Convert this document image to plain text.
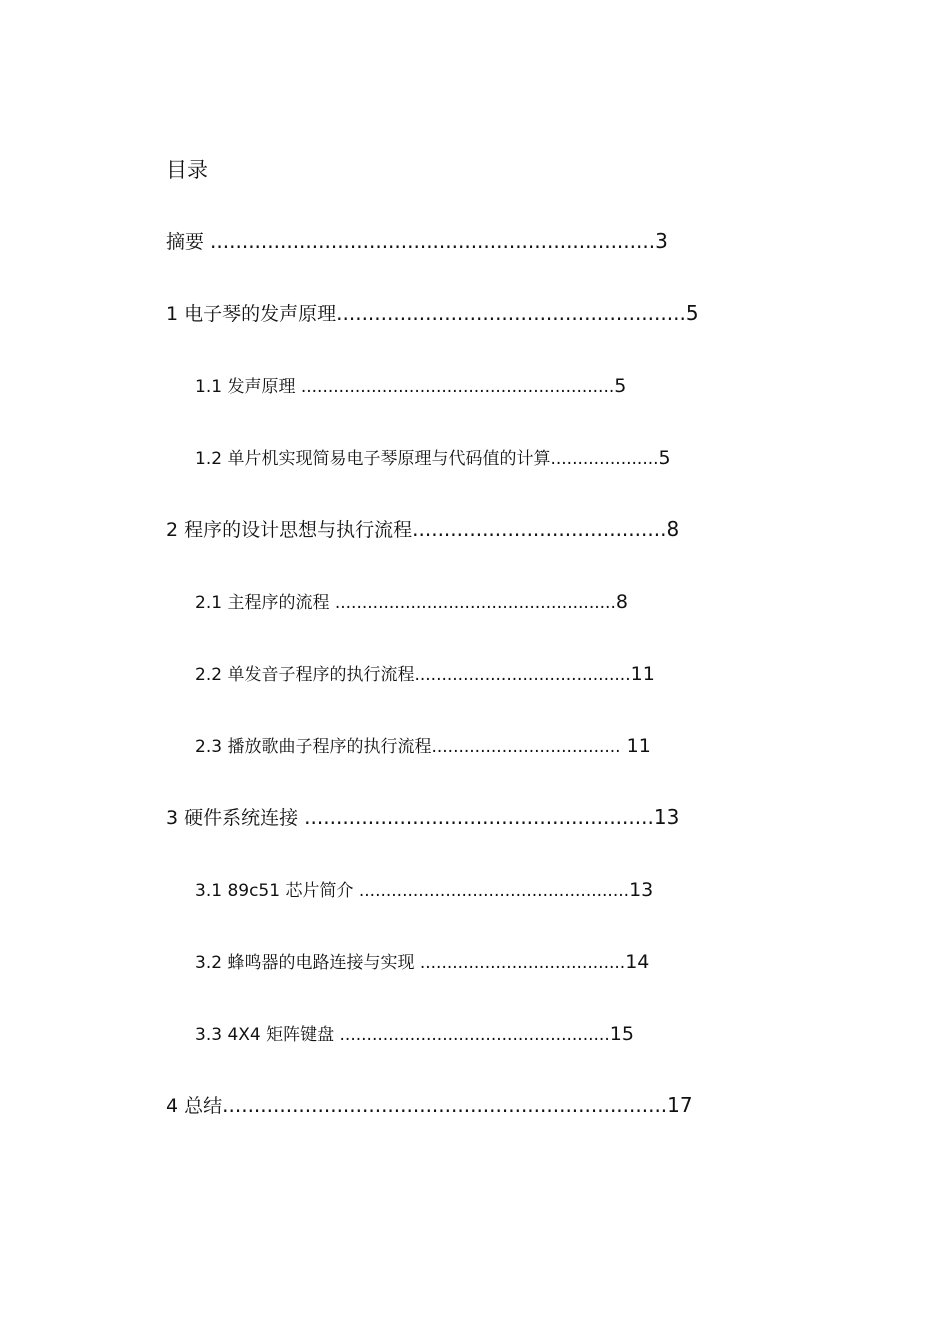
目录
摘要 ......................................................................3
1 电子琴的发声原理.......................................................5
1.1 发声原理 ..........................................................5
1.2 单片机实现简易电子琴原理与代码值的计算....................5
2 程序的设计思想与执行流程........................................8
2.1 主程序的流程 ....................................................8
2.2 单发音子程序的执行流程........................................11
2.3 播放歌曲子程序的执行流程................................... 11
3 硬件系统连接 .......................................................13
3.1 89c51 芯片简介 ..................................................13
3.2 蜂鸣器的电路连接与实现 ......................................14
3.3 4X4 矩阵键盘 ..................................................15
4 总结......................................................................17
